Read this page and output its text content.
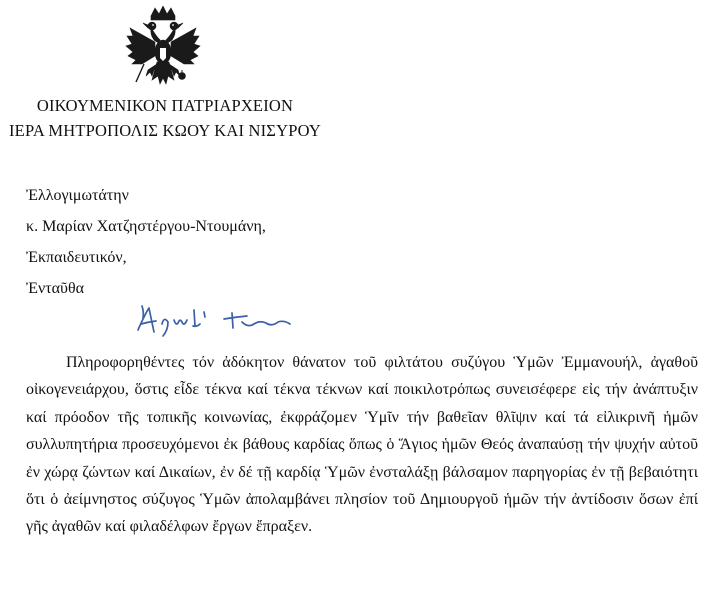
ΟΙΚΟΥΜΕΝΙΚΟΝ ΠΑΤΡΙΑΡΧΕΙΟΝ
ΙΕΡΑ ΜΗΤΡΟΠΟΛΙΣ ΚΩΟΥ ΚΑΙ ΝΙΣΥΡΟΥ
Ἐλλογιμωτάτην
κ. Μαρίαν Χατζηστέργου-Ντουμάνη,
Ἐκπαιδευτικόν,
Ἐνταῦθα

Πληροφορηθέντες τόν ἀδόκητον θάνατον τοῦ φιλτάτου συζύγου Ὑμῶν Ἐμμανουήλ, ἀγαθοῦ οἰκογενειάρχου, ὅστις εἶδε τέκνα καί τέκνα τέκνων καί ποικιλοτρόπως συνεισέφερε εἰς τήν ἀνάπτυξιν καί πρόοδον τῆς τοπικῆς κοινωνίας, ἐκφράζομεν Ὑμῖν τήν βαθεῖαν θλῖψιν καί τά εἰλικρινῆ ἡμῶν συλλυπητήρια προσευχόμενοι ἐκ βάθους καρδίας ὅπως ὁ Ἅγιος ἡμῶν Θεός ἀναπαύσῃ τήν ψυχήν αὐτοῦ ἐν χώρᾳ ζώντων καί Δικαίων, ἐν δέ τῇ καρδίᾳ Ὑμῶν ἐνσταλάξῃ βάλσαμον παρηγορίας ἐν τῇ βεβαιότητι ὅτι ὁ ἀείμνηστος σύζυγος Ὑμῶν ἀπολαμβάνει πλησίον τοῦ Δημιουργοῦ ἡμῶν τήν ἀντίδοσιν ὅσων ἐπί γῆς ἀγαθῶν καί φιλαδέλφων ἔργων ἔπραξεν.
